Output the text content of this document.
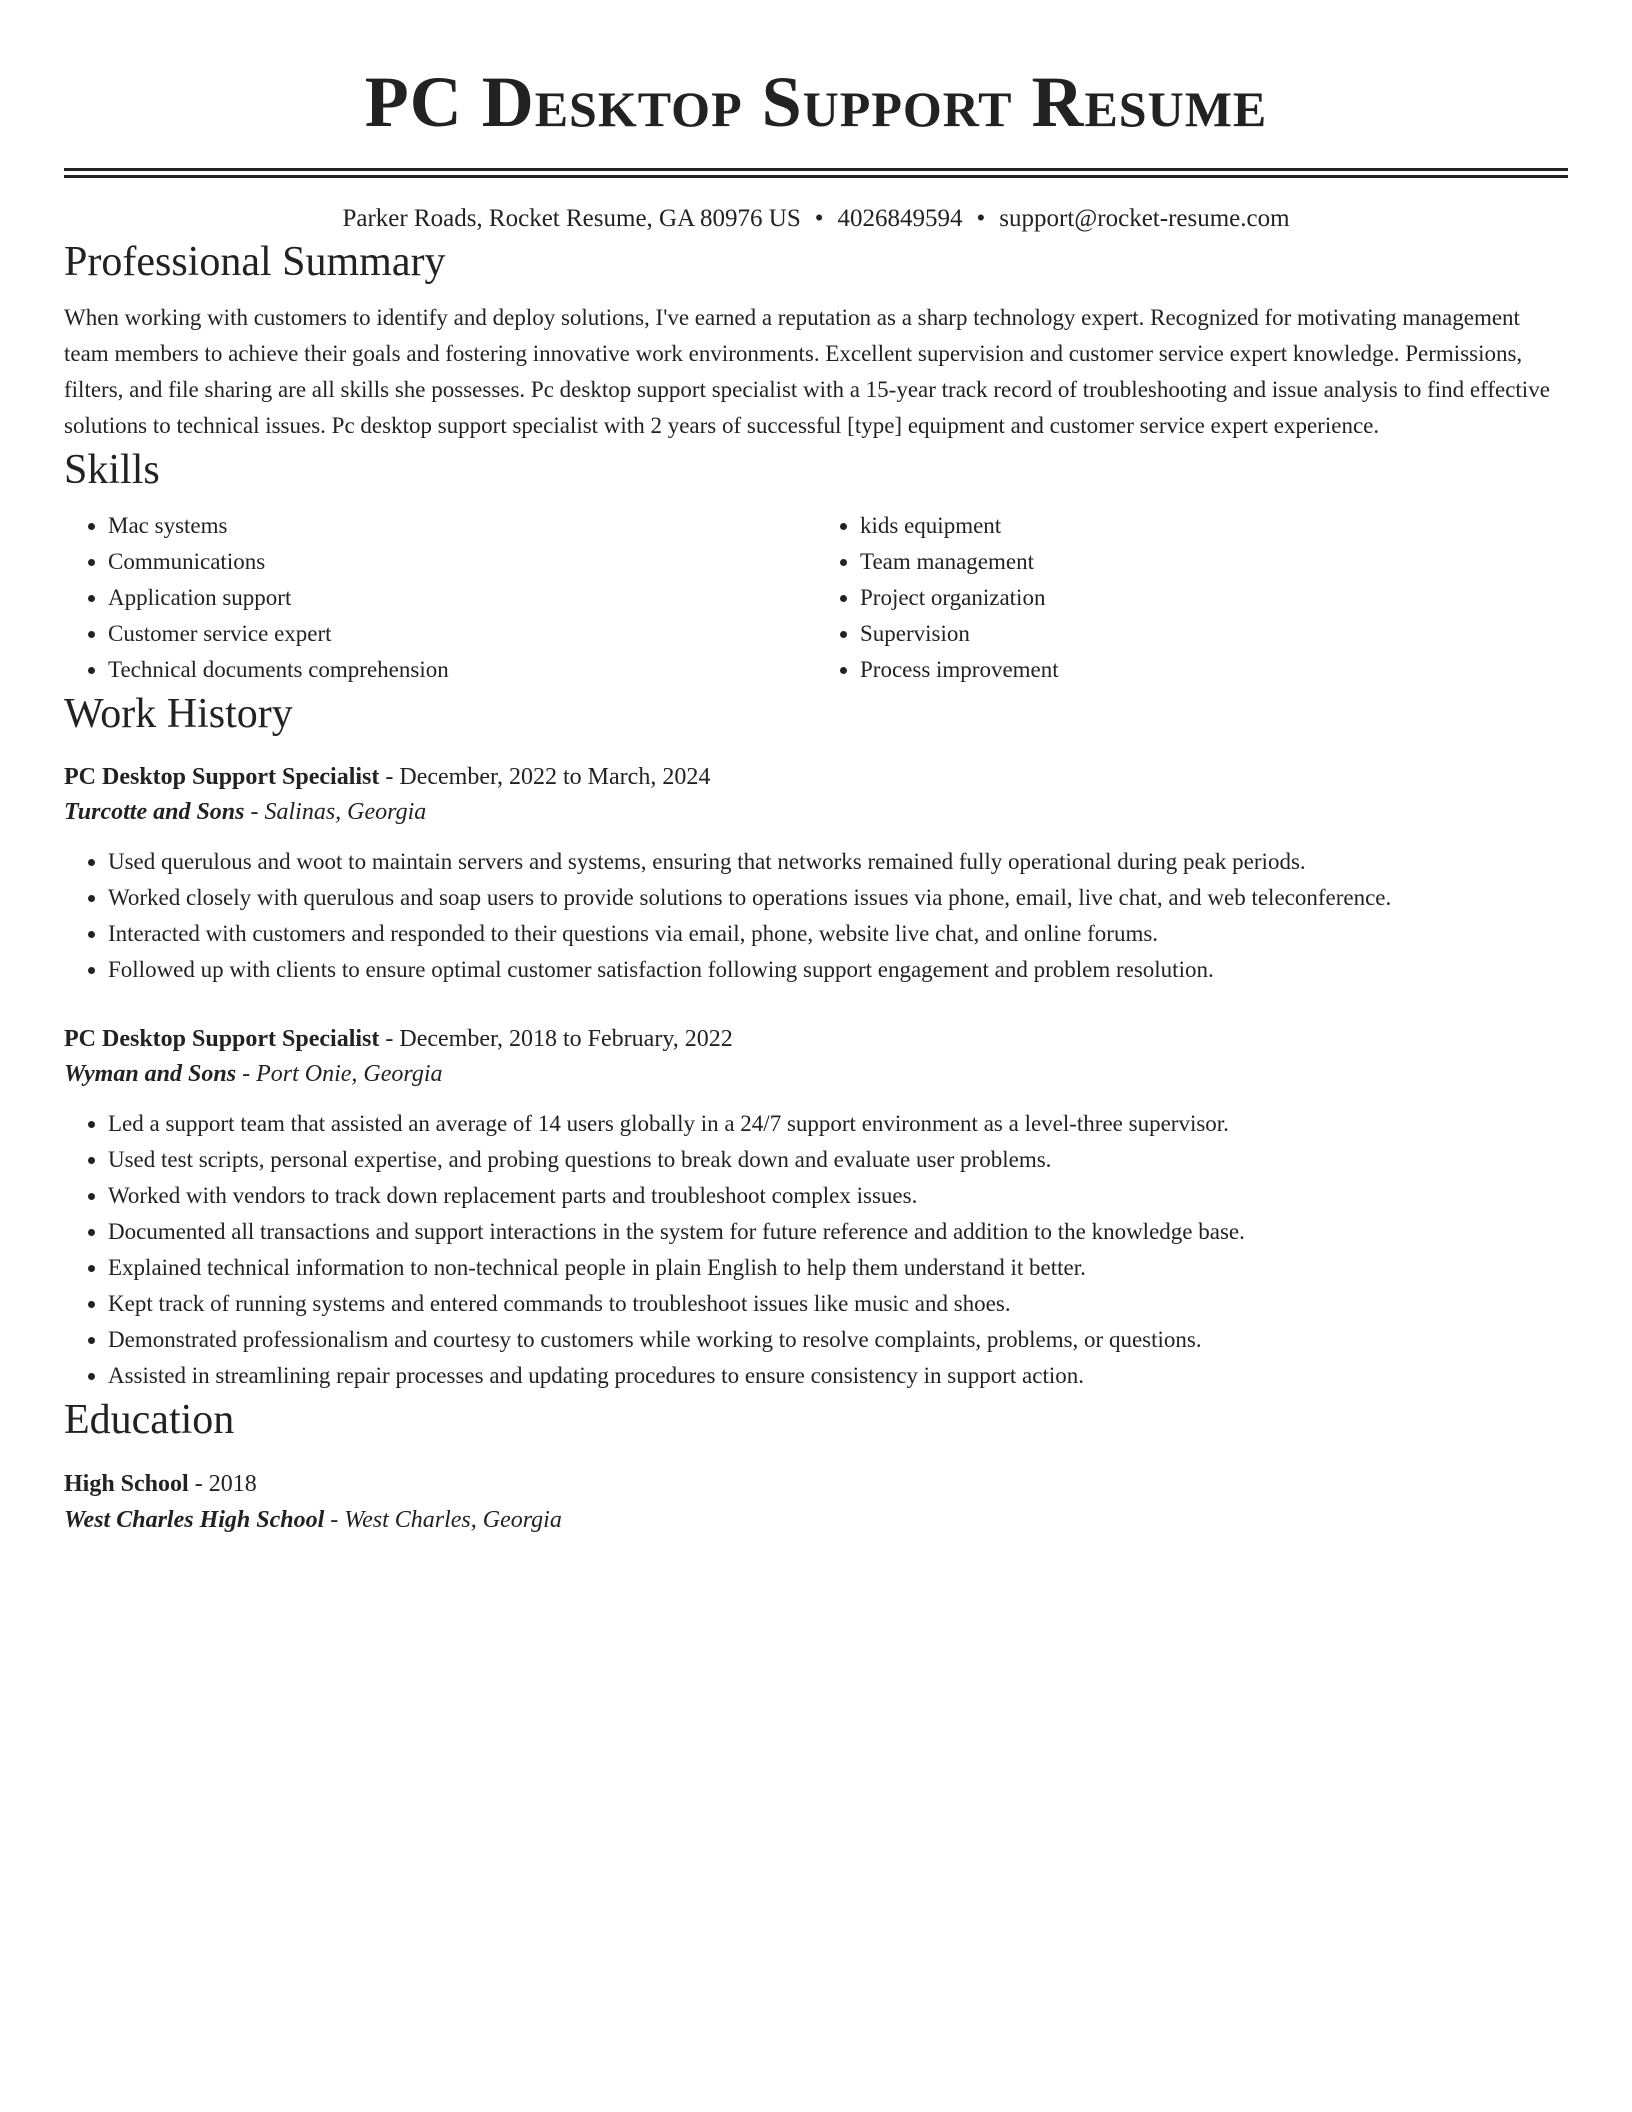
PC Desktop Support Resume
Parker Roads, Rocket Resume, GA 80976 US • 4026849594 • support@rocket-resume.com
Professional Summary

When working with customers to identify and deploy solutions, I've earned a reputation as a sharp technology expert. Recognized for motivating management team members to achieve their goals and fostering innovative work environments. Excellent supervision and customer service expert knowledge. Permissions, filters, and file sharing are all skills she possesses. Pc desktop support specialist with a 15-year track record of troubleshooting and issue analysis to find effective solutions to technical issues. Pc desktop support specialist with 2 years of successful [type] equipment and customer service expert experience.

Skills
• Mac systems
• Communications
• Application support
• Customer service expert
• Technical documents comprehension
• kids equipment
• Team management
• Project organization
• Supervision
• Process improvement
Work History
PC Desktop Support Specialist - December, 2022 to March, 2024
Turcotte and Sons - Salinas, Georgia
• Used querulous and woot to maintain servers and systems, ensuring that networks remained fully operational during peak periods.
• Worked closely with querulous and soap users to provide solutions to operations issues via phone, email, live chat, and web teleconference.
• Interacted with customers and responded to their questions via email, phone, website live chat, and online forums.
• Followed up with clients to ensure optimal customer satisfaction following support engagement and problem resolution.
PC Desktop Support Specialist - December, 2018 to February, 2022
Wyman and Sons - Port Onie, Georgia
• Led a support team that assisted an average of 14 users globally in a 24/7 support environment as a level-three supervisor.
• Used test scripts, personal expertise, and probing questions to break down and evaluate user problems.
• Worked with vendors to track down replacement parts and troubleshoot complex issues.
• Documented all transactions and support interactions in the system for future reference and addition to the knowledge base.
• Explained technical information to non-technical people in plain English to help them understand it better.
• Kept track of running systems and entered commands to troubleshoot issues like music and shoes.
• Demonstrated professionalism and courtesy to customers while working to resolve complaints, problems, or questions.
• Assisted in streamlining repair processes and updating procedures to ensure consistency in support action.
Education
High School - 2018
West Charles High School - West Charles, Georgia
